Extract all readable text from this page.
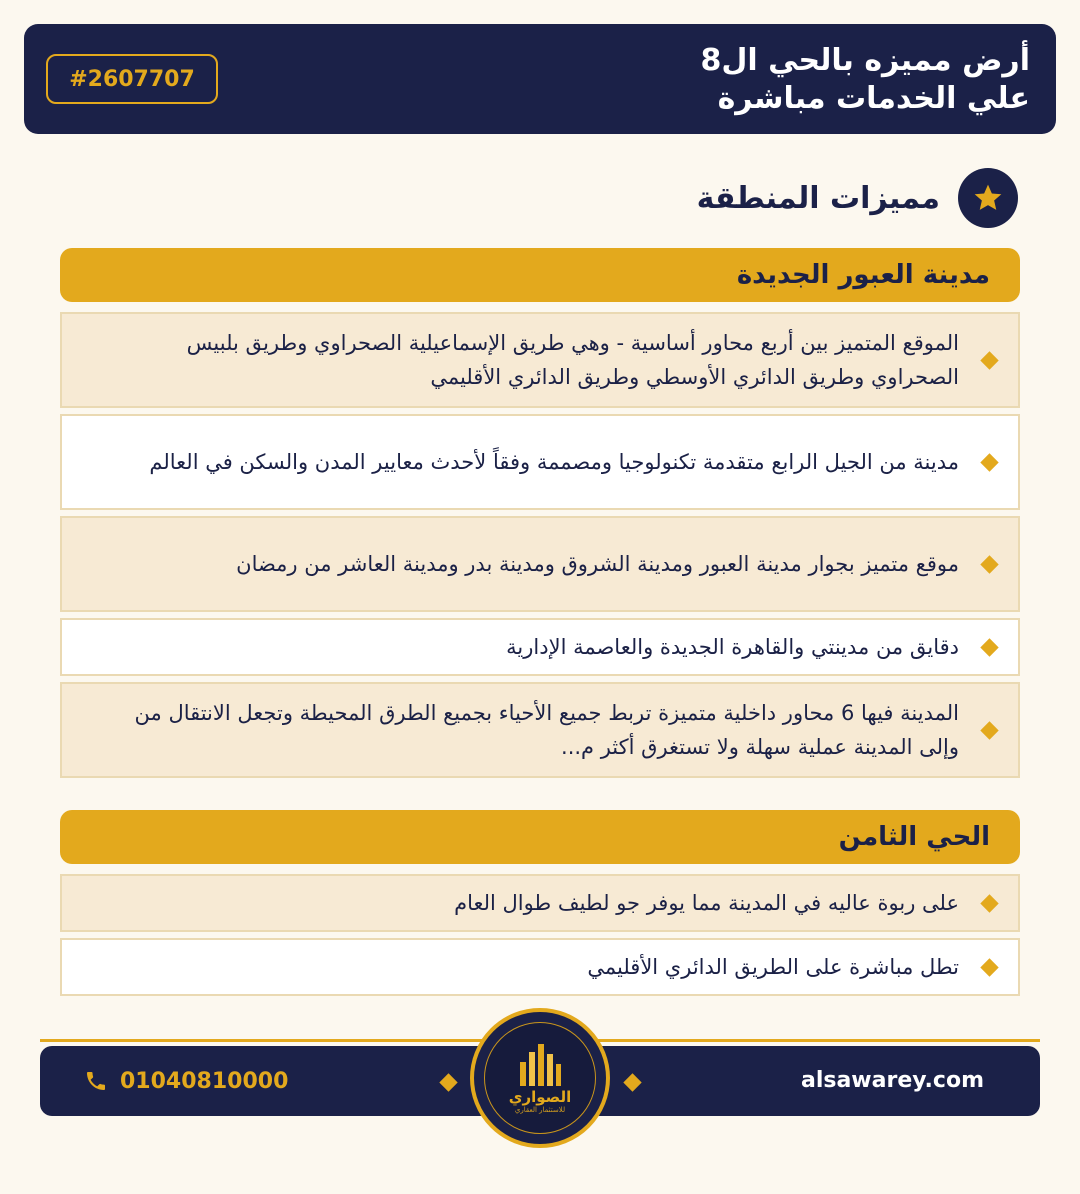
أرض مميزه بالحي ال8
علي الخدمات مباشرة
#2607707
مميزات المنطقة
مدينة العبور الجديدة
الموقع المتميز بين أربع محاور أساسية - وهي طريق الإسماعيلية الصحراوي وطريق بلبيس الصحراوي وطريق الدائري الأوسطي وطريق الدائري الأقليمي
مدينة من الجيل الرابع متقدمة تكنولوجيا ومصممة وفقاً لأحدث معايير المدن والسكن في العالم
موقع متميز بجوار مدينة العبور ومدينة الشروق ومدينة بدر ومدينة العاشر من رمضان
دقايق من مدينتي والقاهرة الجديدة والعاصمة الإدارية
المدينة فيها 6 محاور داخلية متميزة تربط جميع الأحياء بجميع الطرق المحيطة وتجعل الانتقال من وإلى المدينة عملية سهلة ولا تستغرق أكثر م...
الحي الثامن
على ربوة عاليه في المدينة مما يوفر جو لطيف طوال العام
تطل مباشرة على الطريق الدائري الأقليمي
alsawarey.com
01040810000
الصواري
للاستثمار العقاري
